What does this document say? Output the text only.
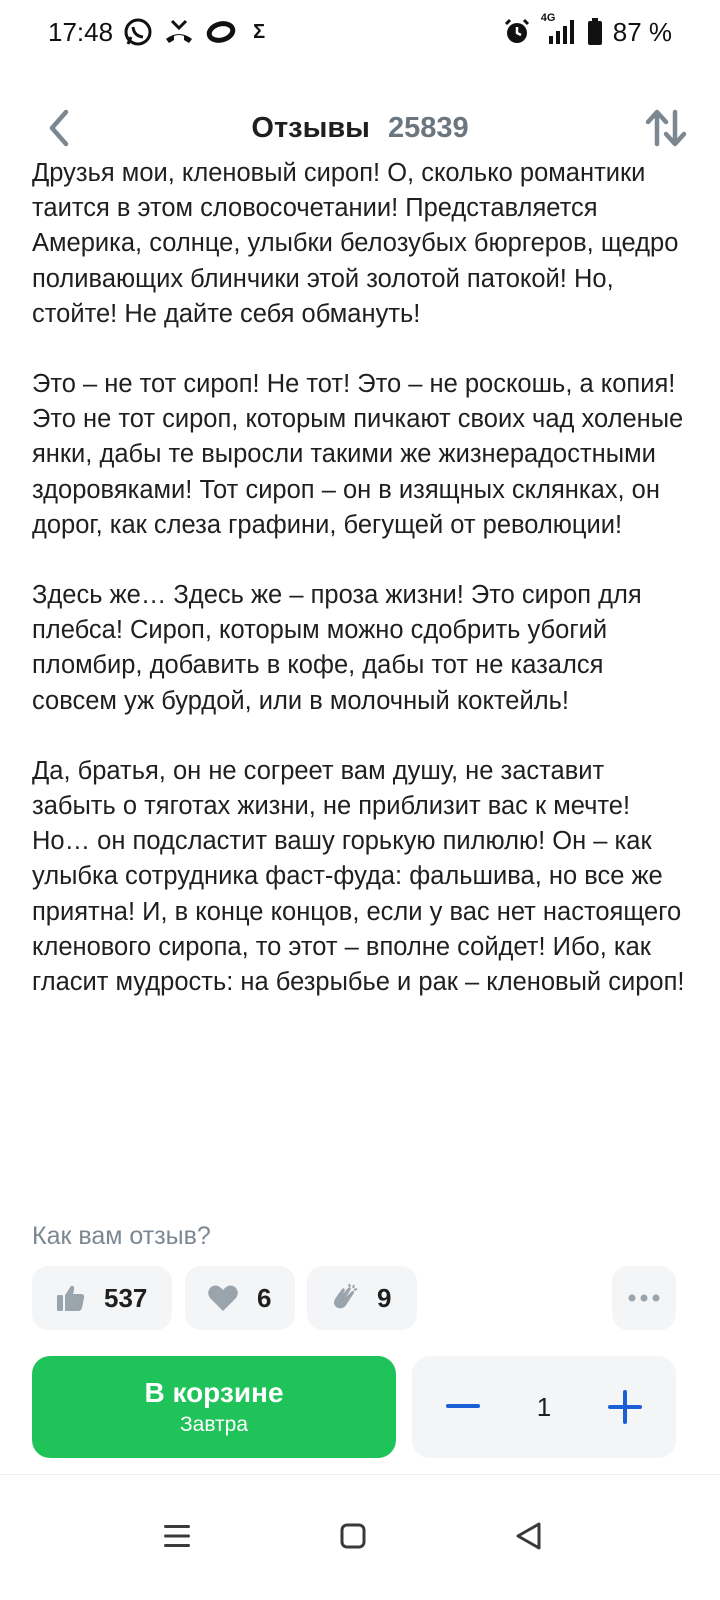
17:48	Σ
4G 87 %
Отзывы 25839

Друзья мои, кленовый сироп! О, сколько романтики таится в этом словосочетании! Представляется Америка, солнце, улыбки белозубых бюргеров, щедро поливающих блинчики этой золотой патокой! Но, стойте! Не дайте себя обмануть!

Это – не тот сироп! Не тот! Это – не роскошь, а копия! Это не тот сироп, которым пичкают своих чад холеные янки, дабы те выросли такими же жизнерадостными здоровяками! Тот сироп – он в изящных склянках, он дорог, как слеза графини, бегущей от революции!

Здесь же… Здесь же – проза жизни! Это сироп для плебса! Сироп, которым можно сдобрить убогий пломбир, добавить в кофе, дабы тот не казался совсем уж бурдой, или в молочный коктейль!

Да, братья, он не согреет вам душу, не заставит забыть о тяготах жизни, не приблизит вас к мечте! Но… он подсластит вашу горькую пилюлю! Он – как улыбка сотрудника фаст-фуда: фальшива, но все же приятна! И, в конце концов, если у вас нет настоящего кленового сиропа, то этот – вполне сойдет! Ибо, как гласит мудрость: на безрыбье и рак – кленовый сироп!

Как вам отзыв?
537	6	9
В корзине
Завтра
1
